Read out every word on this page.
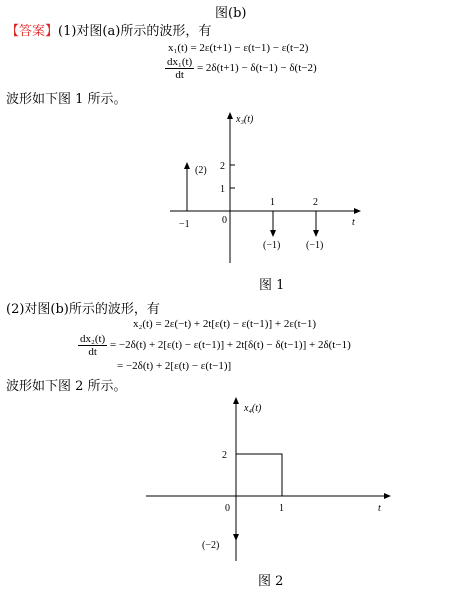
图(b)
【答案】(1)对图(a)所示的波形，有
x₁(t) = 2ε(t+1) − ε(t−1) − ε(t−2)
$\frac{\text{dx₁(t)}}{dt} = 2\delta(t+1) - \delta(t-1) - \delta(t-2)$
波形如下图 1 所示。
x₃(t)
t
0
−1
1	2
1
2
(2)
(−1)	(−1)
图 1
(2)对图(b)所示的波形，有
x₂(t) = 2ε(−t) + 2t[ε(t) − ε(t−1)] + 2ε(t−1)
$\frac{\text{dx₂(t)}}{dt} = -2\delta(t) + 2[\varepsilon(t) - \varepsilon(t-1)] + 2t[\delta(t) - \delta(t-1)] + 2\delta(t-1)$
= −2δ(t) + 2[ε(t) − ε(t−1)]
波形如下图 2 所示。
x₄(t)
t
0	1
2
(−2)
图 2
